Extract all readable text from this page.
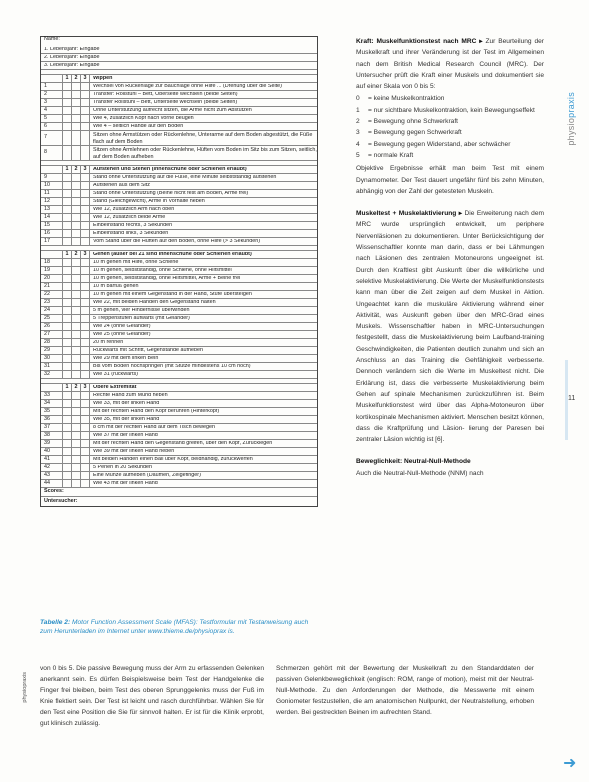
Name:
1. Lebensjahr: Eingabe
2. Lebensjahr: Eingabe
3. Lebensjahr: Eingabe
1	2	3	Wippen
1	Wechsel von Rückenlage zur Bauchlage ohne Hilfe ... (Drehung über die Seite)
2	Transfer: Rollstuhl – Bett, Oberseite wechseln (beide Seiten)
3	Transfer Rollstuhl – Bett, Unterseite wechseln (beide Seiten)
4	Ohne Unterstützung aufrecht sitzen, die Arme nicht zum Abstützen
5	Wie 4, zusätzlich Kopf nach vorne beugen
6	Wie 4 – seitlich Hände auf den Boden
7	Sitzen ohne Armstützen oder Rückenlehne, Unterarme auf dem Boden abgestützt, die Füße flach auf dem Boden
8	Sitzen ohne Armlehnen oder Rückenlehne, Hüften vom Boden im Sitz bis zum Sitzen, seitlich, auf dem Boden aufheben
1	2	3	Aufstehen und Stehen (Innenschuhe oder Schienen erlaubt)
9	Stand ohne Unterstützung auf die Füße, eine Minute selbstständig aufstehen
10	Aufstehen aus dem Sitz
11	Stand ohne Unterstützung (Beine nicht fest am Boden, Arme frei)
12	Stand (Gleichgewicht), Arme in Vorhalte heben
13	Wie 12, zusätzlich Arm nach oben
14	Wie 12, zusätzlich beide Arme
15	Einbeinstand rechts, 3 Sekunden
16	Einbeinstand links, 3 Sekunden
17	Vom Stand über die Hüften auf den Boden, ohne Hilfe (> 3 Sekunden)
1	2	3	Gehen (außer bei 21 sind Innenschuhe oder Schienen erlaubt)
18	10 m gehen mit Hilfe, ohne Schiene
19	10 m gehen, selbstständig, ohne Schiene, ohne Hilfsmittel
20	10 m gehen, selbstständig, ohne Hilfsmittel, Arme + Beine frei
21	10 m barfuß gehen
22	10 m gehen mit einem Gegenstand in der Hand, Stufe übersteigen
23	Wie 22, mit beiden Händen den Gegenstand halten
24	5 m gehen, vier Hindernisse überwinden
25	5 Treppenstufen aufwärts (mit Geländer)
26	Wie 24 (ohne Geländer)
27	Wie 25 (ohne Geländer)
28	20 m rennen
29	Rückwärts mit Schritt, Gegenstände aufheben
30	Wie 29 mit dem linken Bein
31	Bis vom Boden hochspringen (mit Stütze mindestens 10 cm hoch)
32	Wie 31 (rückwärts)
1	2	3	Obere Extremität
33	Rechte Hand zum Mund heben
34	Wie 33, mit der linken Hand
35	Mit der rechten Hand den Kopf berühren (Hinterkopf)
36	Wie 35, mit der linken Hand
37	8 cm mit der rechten Hand auf dem Tisch bewegen
38	Wie 37 mit der linken Hand
39	Mit der rechten Hand den Gegenstand greifen, über den Kopf, Zurücklegen
40	Wie 39 mit der linken Hand heben
41	Mit beiden Händen einen Ball über Kopf, beidhändig, zurückwerfen
42	5 Perlen in 20 Sekunden
43	Eine Münze aufheben (Daumen, Zeigefinger)
44	Wie 43 mit der linken Hand
Scores:
Untersucher:
Tabelle 2: Motor Function Assessment Scale (MFAS): Testformular mit Testanweisung auch zum Herunterladen im Internet unter www.thieme.de/physioprax is.
von 0 bis 5. Die passive Bewegung muss der Arm zu erfassenden Gelenken anerkannt sein. Es dürfen Beispielsweise beim Test der Handgelenke die Finger frei bleiben, beim Test des oberen Sprunggelenks muss der Fuß im Knie flektiert sein. Der Test ist leicht und rasch durchführbar. Wählen Sie für den Test eine Position die Sie für sinnvoll halten. Er ist für die Klinik erprobt, gut klinisch zulässig.
Schmerzen gehört mit der Bewertung der Muskelkraft zu den Standarddaten der passiven Gelenkbeweglichkeit (englisch: ROM, range of motion), meist mit der Neutral-Null-Methode. Zu den Anforderungen der Methode, die Messwerte mit einem Goniometer festzustellen, die am anatomischen Nullpunkt, der Neutralstellung, erhoben werden. Bei gestreckten Beinen im aufrechten Stand.

Kraft: Muskelfunktionstest nach MRC ▸ Zur Beurteilung der Muskelkraft und ihrer Veränderung ist der Test im Allgemeinen nach dem British Medical Research Council (MRC). Der Untersucher prüft die Kraft einer Muskels und dokumentiert sie auf einer Skala von 0 bis 5:

0	= keine Muskelkontraktion
1	= nur sichtbare Muskelkontraktion, kein Bewegungseffekt
2	= Bewegung ohne Schwerkraft
3	= Bewegung gegen Schwerkraft
4	= Bewegung gegen Widerstand, aber schwächer
5	= normale Kraft

Objektive Ergebnisse erhält man beim Test mit einem Dynamometer. Der Test dauert ungefähr fünf bis zehn Minuten, abhängig von der Zahl der getesteten Muskeln.

Muskeltest + Muskelaktivierung ▸ Die Erweiterung nach dem MRC wurde ursprünglich entwickelt, um periphere Nervenläsionen zu dokumentieren. Unter Berücksichtigung der Wissenschaftler konnte man darin, dass er bei Lähmungen nach Läsionen des zentralen Motoneurons ungeeignet ist. Durch den Kraftlest gibt Auskunft über die willkürliche und selektive Muskelaktivierung. Die Werte der Muskelfunktionstests kann man über die Zeit zeigen auf dem Muskel in Aktion. Ungeachtet kann die muskuläre Aktivierung während einer Aktivität, was Auskunft geben über den MRC-Grad eines Muskels. Wissenschaftler haben in MRC-Untersuchungen festgestellt, dass die Muskelaktivierung beim Laufband-training Geschwindigkeiten, die Patienten deutlich zunahm und sich an Anschluss an das Training die Gehfähigkeit verbesserte. Dennoch verändern sich die Werte im Muskeltest nicht. Die Erklärung ist, dass die verbesserte Muskelaktivierung beim Gehen auf spinale Mechanismen zurückzuführen ist. Beim Muskelfunktionstest wird über das Alpha-Motoneuron über kortikospinale Mechanismen aktiviert. Menschen besitzt können, dass die Kraftprüfung und Läsion- lierung der Paresen bei zentraler Läsion wichtig ist [6].

Beweglichkeit: Neutral-Null-Methode

Auch die Neutral-Null-Methode (NNM) nach

physiopraxis
11
physiopraxis
➜
